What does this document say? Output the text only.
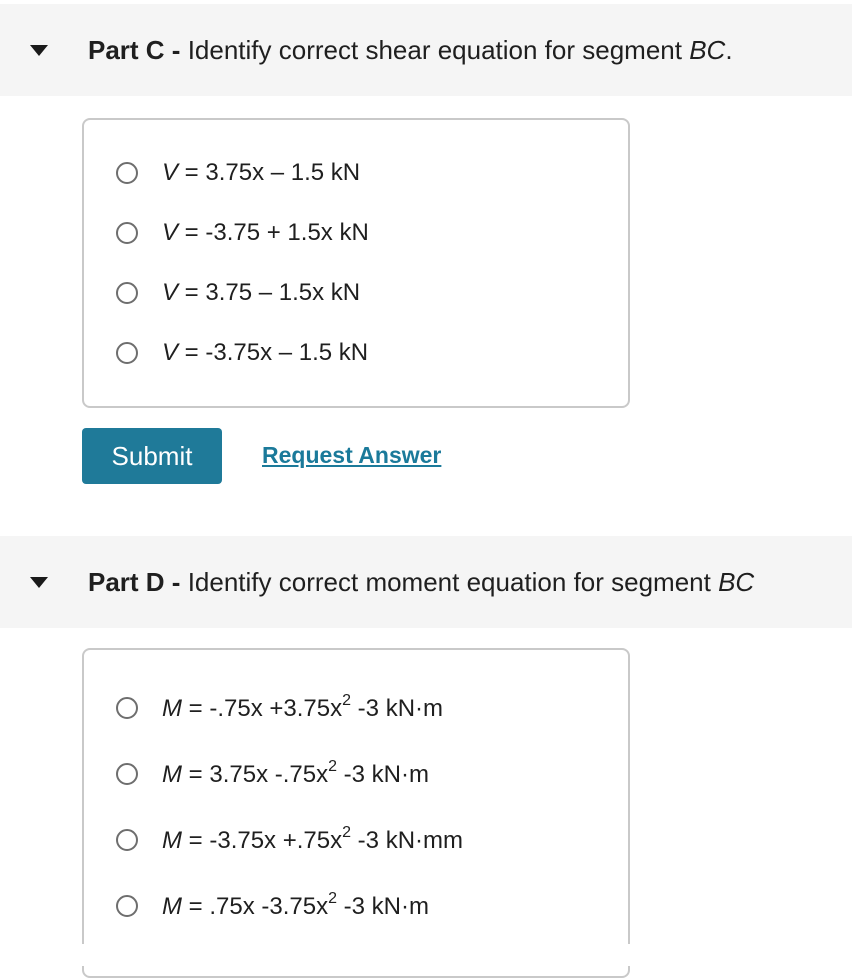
Part C - Identify correct shear equation for segment BC.
V = 3.75x – 1.5 kN
V = -3.75 + 1.5x kN
V = 3.75 – 1.5x kN
V = -3.75x – 1.5 kN
Submit	Request Answer
Part D - Identify correct moment equation for segment BC
$M = -.75x +3.75x^2$ -3 kN·m
M = 3.75x $-.75x^2$ -3 kN·m
$M = -3.75x +.75x^2$ -3 kN·mm
M = .75x $-3.75x^2$ -3 kN·m
